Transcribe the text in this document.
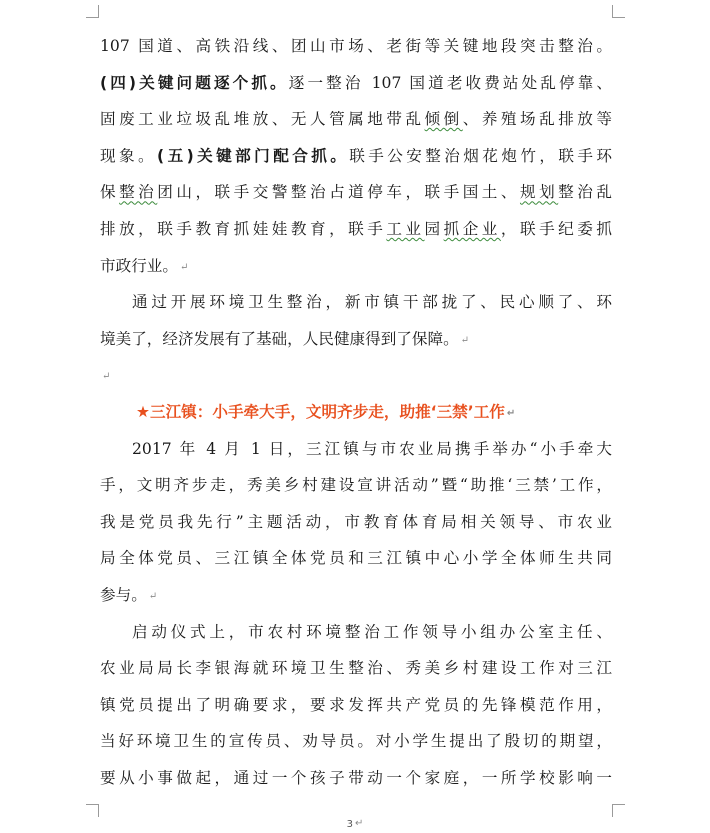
107 国道、高铁沿线、团山市场、老街等关键地段突击整治。
(四)关键问题逐个抓。逐一整治 107 国道老收费站处乱停靠、
固废工业垃圾乱堆放、无人管属地带乱倾倒、养殖场乱排放等
现象。(五)关键部门配合抓。联手公安整治烟花炮竹，联手环
保整治团山，联手交警整治占道停车，联手国土、规划整治乱
排放，联手教育抓娃娃教育，联手工业园抓企业，联手纪委抓
市政行业。 ↵
通过开展环境卫生整治，新市镇干部拢了、民心顺了、环
境美了，经济发展有了基础，人民健康得到了保障。 ↵
↵
★三江镇：小手牵大手，文明齐步走，助推‘三禁’工作 ↵
2017 年 4 月 1 日，三江镇与市农业局携手举办“小手牵大
手，文明齐步走，秀美乡村建设宣讲活动”暨“助推‘三禁’工作，
我是党员我先行”主题活动，市教育体育局相关领导、市农业
局全体党员、三江镇全体党员和三江镇中心小学全体师生共同
参与。 ↵
启动仪式上，市农村环境整治工作领导小组办公室主任、
农业局局长李银海就环境卫生整治、秀美乡村建设工作对三江
镇党员提出了明确要求，要求发挥共产党员的先锋模范作用，
当好环境卫生的宣传员、劝导员。对小学生提出了殷切的期望，
要从小事做起，通过一个孩子带动一个家庭，一所学校影响一
3 ↵
